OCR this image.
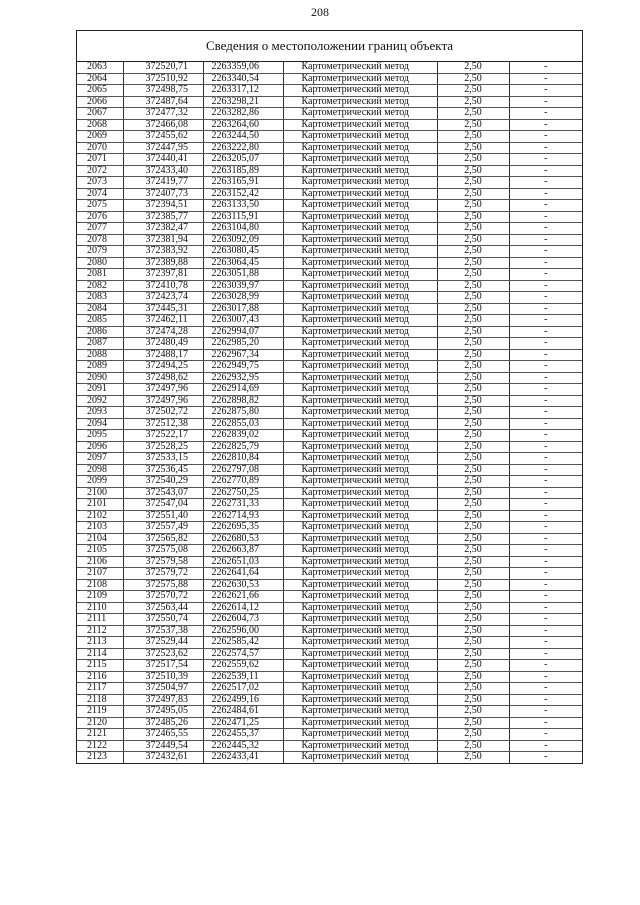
208
Сведения о местоположении границ объекта
2063	372520,71	2263359,06	Картометрический метод	2,50	-
2064	372510,92	2263340,54	Картометрический метод	2,50	-
2065	372498,75	2263317,12	Картометрический метод	2,50	-
2066	372487,64	2263298,21	Картометрический метод	2,50	-
2067	372477,32	2263282,86	Картометрический метод	2,50	-
2068	372466,08	2263264,60	Картометрический метод	2,50	-
2069	372455,62	2263244,50	Картометрический метод	2,50	-
2070	372447,95	2263222,80	Картометрический метод	2,50	-
2071	372440,41	2263205,07	Картометрический метод	2,50	-
2072	372433,40	2263185,89	Картометрический метод	2,50	-
2073	372419,77	2263165,91	Картометрический метод	2,50	-
2074	372407,73	2263152,42	Картометрический метод	2,50	-
2075	372394,51	2263133,50	Картометрический метод	2,50	-
2076	372385,77	2263115,91	Картометрический метод	2,50	-
2077	372382,47	2263104,80	Картометрический метод	2,50	-
2078	372381,94	2263092,09	Картометрический метод	2,50	-
2079	372383,92	2263080,45	Картометрический метод	2,50	-
2080	372389,88	2263064,45	Картометрический метод	2,50	-
2081	372397,81	2263051,88	Картометрический метод	2,50	-
2082	372410,78	2263039,97	Картометрический метод	2,50	-
2083	372423,74	2263028,99	Картометрический метод	2,50	-
2084	372445,31	2263017,88	Картометрический метод	2,50	-
2085	372462,11	2263007,43	Картометрический метод	2,50	-
2086	372474,28	2262994,07	Картометрический метод	2,50	-
2087	372480,49	2262985,20	Картометрический метод	2,50	-
2088	372488,17	2262967,34	Картометрический метод	2,50	-
2089	372494,25	2262949,75	Картометрический метод	2,50	-
2090	372498,62	2262932,95	Картометрический метод	2,50	-
2091	372497,96	2262914,69	Картометрический метод	2,50	-
2092	372497,96	2262898,82	Картометрический метод	2,50	-
2093	372502,72	2262875,80	Картометрический метод	2,50	-
2094	372512,38	2262855,03	Картометрический метод	2,50	-
2095	372522,17	2262839,02	Картометрический метод	2,50	-
2096	372528,25	2262825,79	Картометрический метод	2,50	-
2097	372533,15	2262810,84	Картометрический метод	2,50	-
2098	372536,45	2262797,08	Картометрический метод	2,50	-
2099	372540,29	2262770,89	Картометрический метод	2,50	-
2100	372543,07	2262750,25	Картометрический метод	2,50	-
2101	372547,04	2262731,33	Картометрический метод	2,50	-
2102	372551,40	2262714,93	Картометрический метод	2,50	-
2103	372557,49	2262695,35	Картометрический метод	2,50	-
2104	372565,82	2262680,53	Картометрический метод	2,50	-
2105	372575,08	2262663,87	Картометрический метод	2,50	-
2106	372579,58	2262651,03	Картометрический метод	2,50	-
2107	372579,72	2262641,64	Картометрический метод	2,50	-
2108	372575,88	2262630,53	Картометрический метод	2,50	-
2109	372570,72	2262621,66	Картометрический метод	2,50	-
2110	372563,44	2262614,12	Картометрический метод	2,50	-
2111	372550,74	2262604,73	Картометрический метод	2,50	-
2112	372537,38	2262596,00	Картометрический метод	2,50	-
2113	372529,44	2262585,42	Картометрический метод	2,50	-
2114	372523,62	2262574,57	Картометрический метод	2,50	-
2115	372517,54	2262559,62	Картометрический метод	2,50	-
2116	372510,39	2262539,11	Картометрический метод	2,50	-
2117	372504,97	2262517,02	Картометрический метод	2,50	-
2118	372497,83	2262499,16	Картометрический метод	2,50	-
2119	372495,05	2262484,61	Картометрический метод	2,50	-
2120	372485,26	2262471,25	Картометрический метод	2,50	-
2121	372465,55	2262455,37	Картометрический метод	2,50	-
2122	372449,54	2262445,32	Картометрический метод	2,50	-
2123	372432,61	2262433,41	Картометрический метод	2,50	-
